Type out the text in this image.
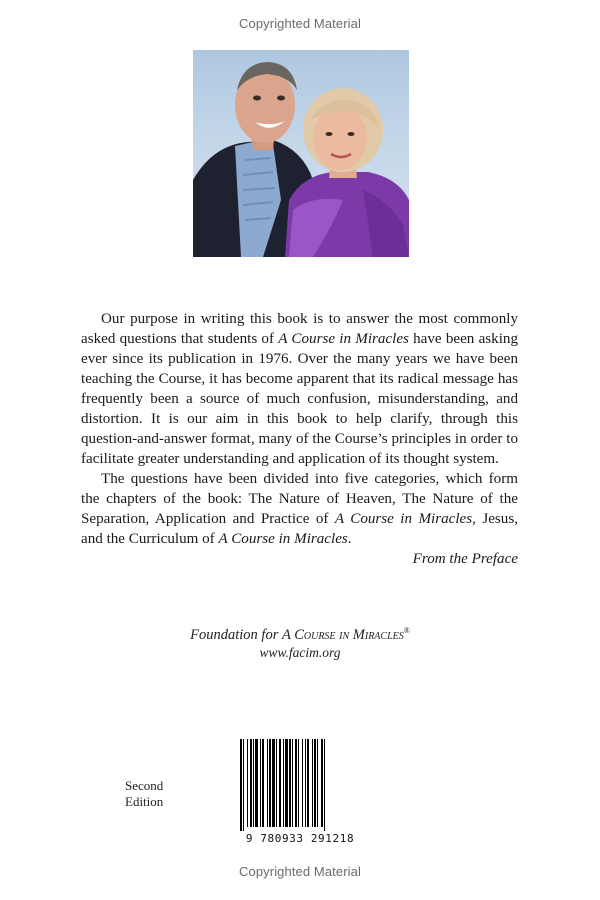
Copyrighted Material

Our purpose in writing this book is to answer the most commonly asked questions that students of A Course in Miracles have been asking ever since its publication in 1976. Over the many years we have been teaching the Course, it has become apparent that its radical message has frequently been a source of much confusion, misunderstanding, and distortion. It is our aim in this book to help clarify, through this question-and-answer format, many of the Course’s principles in order to facilitate greater understanding and application of its thought system.

The questions have been divided into five categories, which form the chapters of the book: The Nature of Heaven, The Nature of the Separation, Application and Practice of A Course in Miracles, Jesus, and the Curriculum of A Course in Miracles.

From the Preface

Foundation for A Course in Miracles®
www.facim.org
Second
Edition
9 780933 291218
Copyrighted Material
